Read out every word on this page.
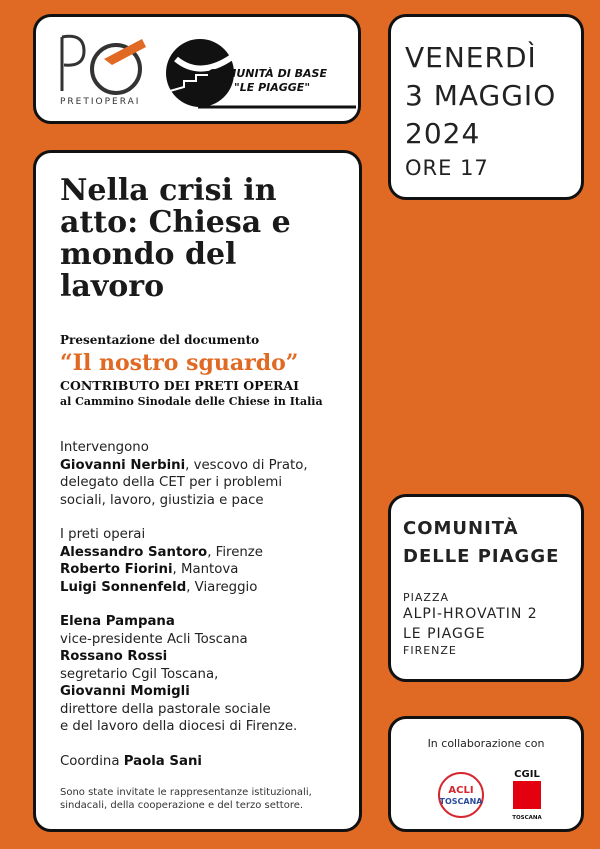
PRETIOPERAI
COMUNITÀ DI BASE
"LE PIAGGE"
VENERDÌ
3 MAGGIO
2024
ORE 17
Nella crisi in atto: Chiesa e mondo del lavoro
Presentazione del documento
“Il nostro sguardo”
CONTRIBUTO DEI PRETI OPERAI
al Cammino Sinodale delle Chiese in Italia
Intervengono
Giovanni Nerbini, vescovo di Prato,
delegato della CET per i problemi
sociali, lavoro, giustizia e pace
I preti operai
Alessandro Santoro, Firenze
Roberto Fiorini, Mantova
Luigi Sonnenfeld, Viareggio
Elena Pampana
vice-presidente Acli Toscana
Rossano Rossi
segretario Cgil Toscana,
Giovanni Momigli
direttore della pastorale sociale
e del lavoro della diocesi di Firenze.
Coordina Paola Sani
Sono state invitate le rappresentanze istituzionali, sindacali, della cooperazione e del terzo settore.
COMUNITÀ
DELLE PIAGGE
PIAZZA
ALPI-HROVATIN 2
LE PIAGGE
FIRENZE
In collaborazione con
ACLI
TOSCANA
CGIL
TOSCANA
